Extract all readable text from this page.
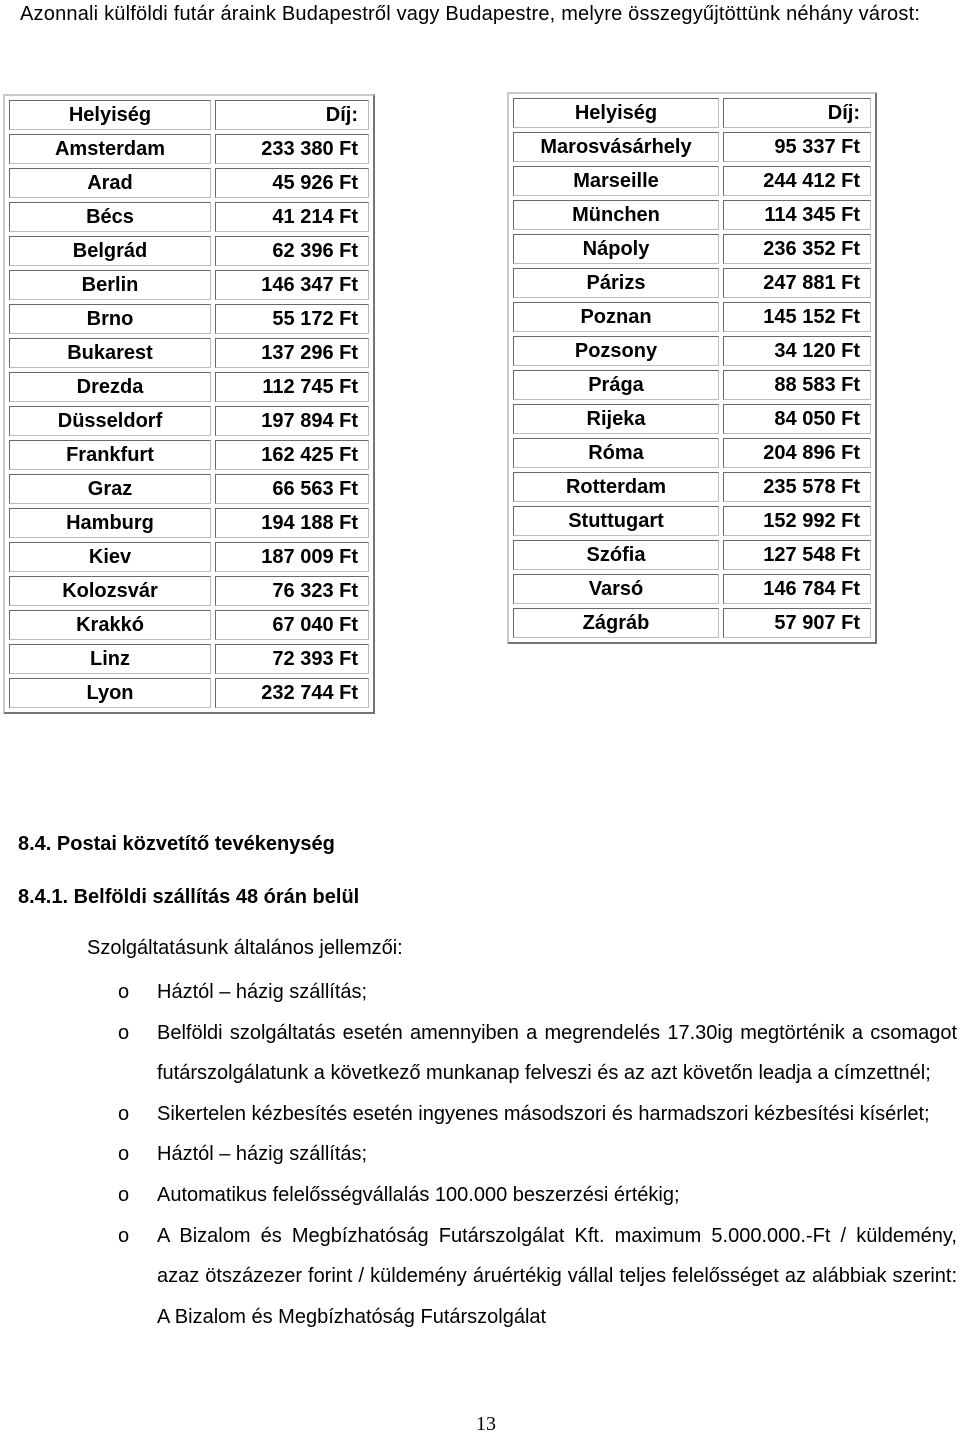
Azonnali külföldi futár áraink Budapestről vagy Budapestre, melyre összegyűjtöttünk néhány várost:
Helyiség	Díj:
Amsterdam	233 380 Ft
Arad	45 926 Ft
Bécs	41 214 Ft
Belgrád	62 396 Ft
Berlin	146 347 Ft
Brno	55 172 Ft
Bukarest	137 296 Ft
Drezda	112 745 Ft
Düsseldorf	197 894 Ft
Frankfurt	162 425 Ft
Graz	66 563 Ft
Hamburg	194 188 Ft
Kiev	187 009 Ft
Kolozsvár	76 323 Ft
Krakkó	67 040 Ft
Linz	72 393 Ft
Lyon	232 744 Ft
Helyiség	Díj:
Marosvásárhely	95 337 Ft
Marseille	244 412 Ft
München	114 345 Ft
Nápoly	236 352 Ft
Párizs	247 881 Ft
Poznan	145 152 Ft
Pozsony	34 120 Ft
Prága	88 583 Ft
Rijeka	84 050 Ft
Róma	204 896 Ft
Rotterdam	235 578 Ft
Stuttugart	152 992 Ft
Szófia	127 548 Ft
Varsó	146 784 Ft
Zágráb	57 907 Ft
8.4. Postai közvetítő tevékenység
8.4.1. Belföldi szállítás 48 órán belül
Szolgáltatásunk általános jellemzői:
o Háztól – házig szállítás;
o Belföldi szolgáltatás esetén amennyiben a megrendelés 17.30ig megtörténik a csomagot futárszolgálatunk a következő munkanap felveszi és az azt követőn leadja a címzettnél;
o Sikertelen kézbesítés esetén ingyenes másodszori és harmadszori kézbesítési kísérlet;
o Háztól – házig szállítás;
o Automatikus felelősségvállalás 100.000 beszerzési értékig;
o A Bizalom és Megbízhatóság Futárszolgálat Kft. maximum 5.000.000.-Ft / küldemény, azaz ötszázezer forint / küldemény áruértékig vállal teljes felelősséget az alábbiak szerint: A Bizalom és Megbízhatóság Futárszolgálat
13
